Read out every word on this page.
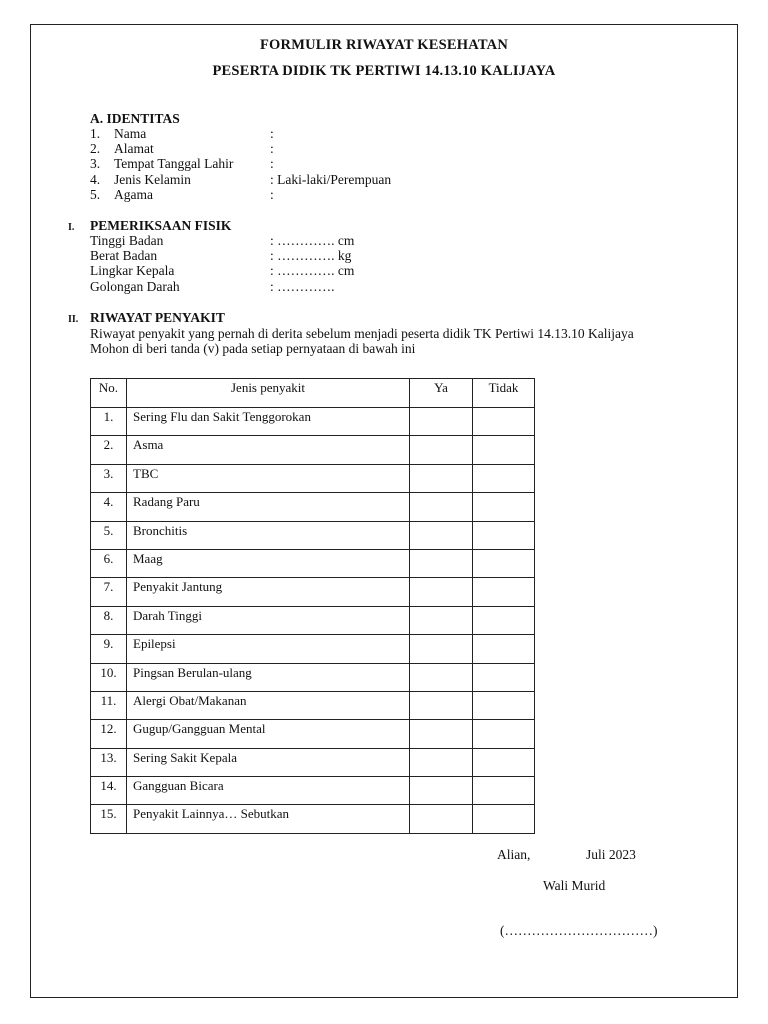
FORMULIR RIWAYAT KESEHATAN
PESERTA DIDIK TK PERTIWI 14.13.10 KALIJAYA
A. IDENTITAS
1. Nama	:
2. Alamat	:
3. Tempat Tanggal Lahir	:
4. Jenis Kelamin	: Laki-laki/Perempuan
5. Agama	:
I. PEMERIKSAAN FISIK
Tinggi Badan	: …………. cm
Berat Badan	: …………. kg
Lingkar Kepala	: …………. cm
Golongan Darah	: ………….
II. RIWAYAT PENYAKIT
Riwayat penyakit yang pernah di derita sebelum menjadi peserta didik TK Pertiwi 14.13.10 Kalijaya
Mohon di beri tanda (v) pada setiap pernyataan di bawah ini
No.	Jenis penyakit	Ya	Tidak
1.	Sering Flu dan Sakit Tenggorokan		
2.	Asma		
3.	TBC		
4.	Radang Paru		
5.	Bronchitis		
6.	Maag		
7.	Penyakit Jantung		
8.	Darah Tinggi		
9.	Epilepsi		
10.	Pingsan Berulan-ulang		
11.	Alergi Obat/Makanan		
12.	Gugup/Gangguan Mental		
13.	Sering Sakit Kepala		
14.	Gangguan Bicara		
15.	Penyakit Lainnya… Sebutkan		
Alian,	Juli 2023
Wali Murid
(……………………………)
